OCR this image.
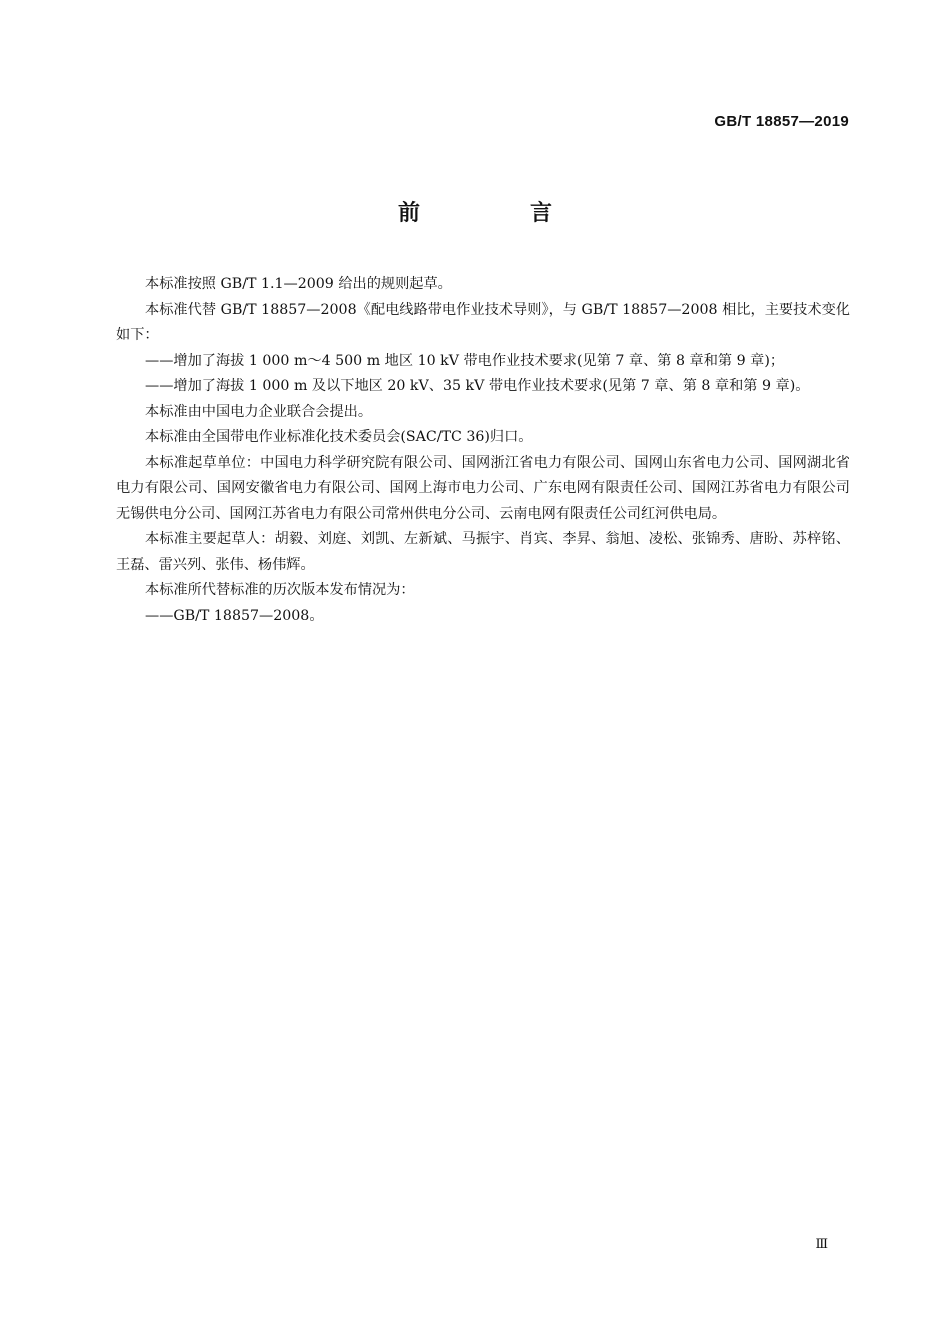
GB/T 18857—2019
前　言

本标准按照 GB/T 1.1—2009 给出的规则起草。

本标准代替 GB/T 18857—2008《配电线路带电作业技术导则》，与 GB/T 18857—2008 相比，主要技术变化如下：

——增加了海拔 1 000 m～4 500 m 地区 10 kV 带电作业技术要求(见第 7 章、第 8 章和第 9 章)；

——增加了海拔 1 000 m 及以下地区 20 kV、35 kV 带电作业技术要求(见第 7 章、第 8 章和第 9 章)。

本标准由中国电力企业联合会提出。

本标准由全国带电作业标准化技术委员会(SAC/TC 36)归口。

本标准起草单位：中国电力科学研究院有限公司、国网浙江省电力有限公司、国网山东省电力公司、国网湖北省电力有限公司、国网安徽省电力有限公司、国网上海市电力公司、广东电网有限责任公司、国网江苏省电力有限公司无锡供电分公司、国网江苏省电力有限公司常州供电分公司、云南电网有限责任公司红河供电局。

本标准主要起草人：胡毅、刘庭、刘凯、左新斌、马振宇、肖宾、李昇、翁旭、凌松、张锦秀、唐盼、苏梓铭、王磊、雷兴列、张伟、杨伟辉。

本标准所代替标准的历次版本发布情况为：

——GB/T 18857—2008。

Ⅲ
